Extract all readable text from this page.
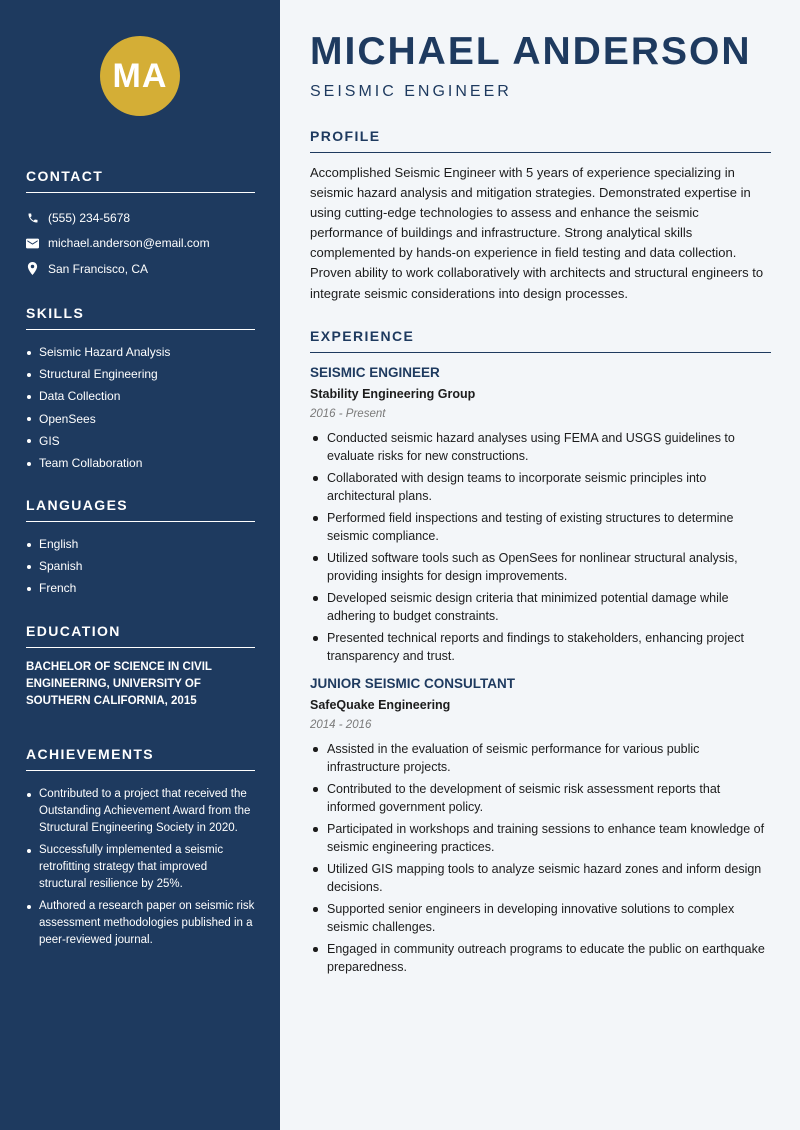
MA
CONTACT
(555) 234-5678
michael.anderson@email.com
San Francisco, CA
SKILLS
Seismic Hazard Analysis
Structural Engineering
Data Collection
OpenSees
GIS
Team Collaboration
LANGUAGES
English
Spanish
French
EDUCATION
BACHELOR OF SCIENCE IN CIVIL ENGINEERING, UNIVERSITY OF SOUTHERN CALIFORNIA, 2015
ACHIEVEMENTS
Contributed to a project that received the Outstanding Achievement Award from the Structural Engineering Society in 2020.
Successfully implemented a seismic retrofitting strategy that improved structural resilience by 25%.
Authored a research paper on seismic risk assessment methodologies published in a peer-reviewed journal.
MICHAEL ANDERSON
SEISMIC ENGINEER
PROFILE
Accomplished Seismic Engineer with 5 years of experience specializing in seismic hazard analysis and mitigation strategies. Demonstrated expertise in using cutting-edge technologies to assess and enhance the seismic performance of buildings and infrastructure. Strong analytical skills complemented by hands-on experience in field testing and data collection. Proven ability to work collaboratively with architects and structural engineers to integrate seismic considerations into design processes.
EXPERIENCE
SEISMIC ENGINEER
Stability Engineering Group
2016 - Present
Conducted seismic hazard analyses using FEMA and USGS guidelines to evaluate risks for new constructions.
Collaborated with design teams to incorporate seismic principles into architectural plans.
Performed field inspections and testing of existing structures to determine seismic compliance.
Utilized software tools such as OpenSees for nonlinear structural analysis, providing insights for design improvements.
Developed seismic design criteria that minimized potential damage while adhering to budget constraints.
Presented technical reports and findings to stakeholders, enhancing project transparency and trust.
JUNIOR SEISMIC CONSULTANT
SafeQuake Engineering
2014 - 2016
Assisted in the evaluation of seismic performance for various public infrastructure projects.
Contributed to the development of seismic risk assessment reports that informed government policy.
Participated in workshops and training sessions to enhance team knowledge of seismic engineering practices.
Utilized GIS mapping tools to analyze seismic hazard zones and inform design decisions.
Supported senior engineers in developing innovative solutions to complex seismic challenges.
Engaged in community outreach programs to educate the public on earthquake preparedness.
